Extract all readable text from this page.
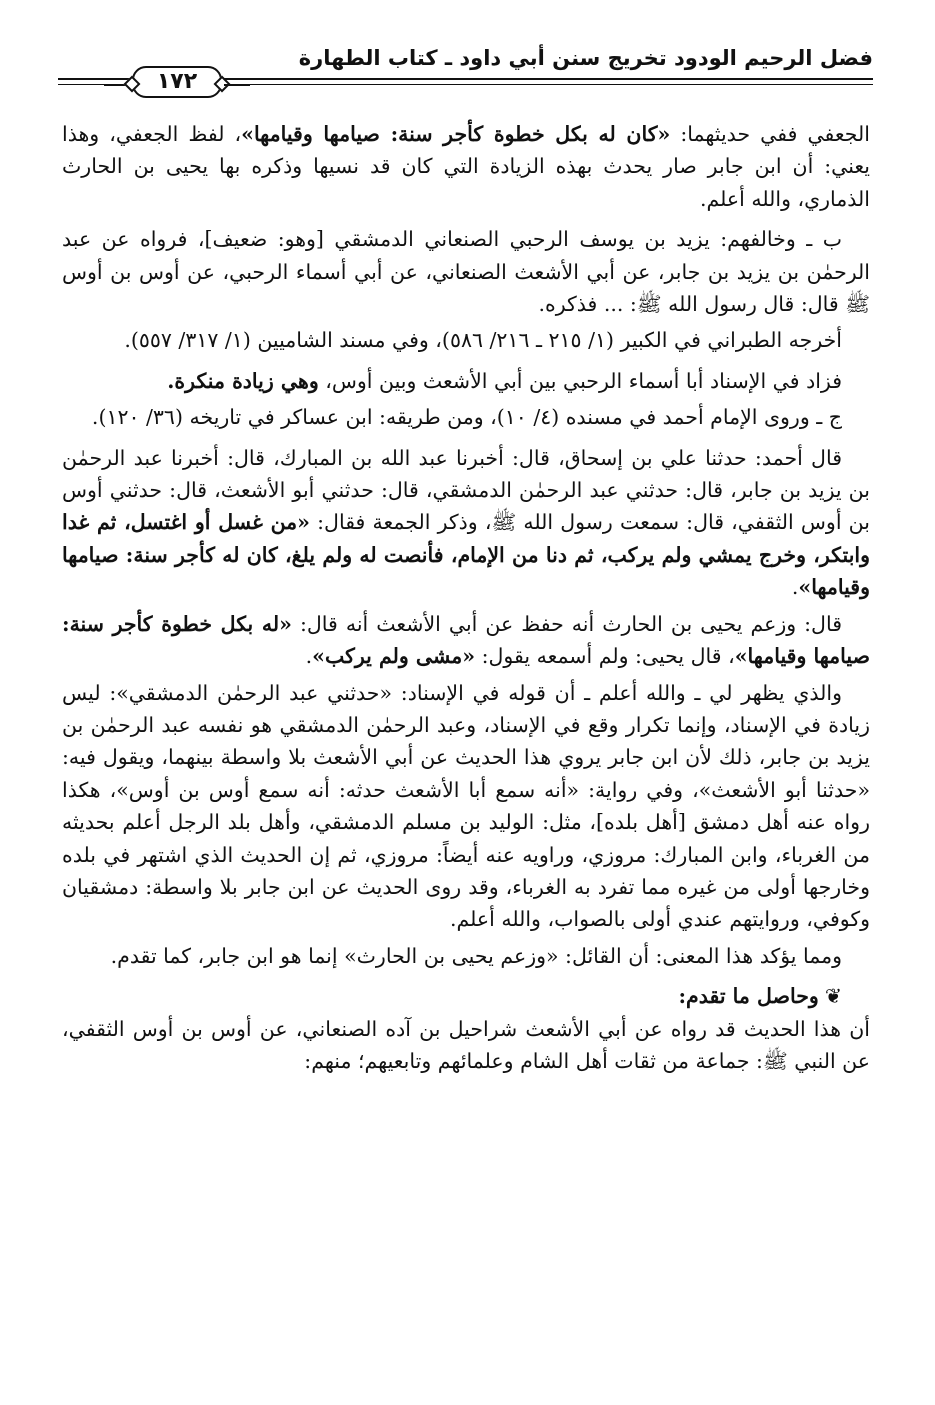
فضل الرحيم الودود تخريج سنن أبي داود ـ كتاب الطهارة
١٧٢

الجعفي ففي حديثهما: «كان له بكل خطوة كأجر سنة: صيامها وقيامها»، لفظ الجعفي، وهذا يعني: أن ابن جابر صار يحدث بهذه الزيادة التي كان قد نسيها وذكره بها يحيى بن الحارث الذماري، والله أعلم.

ب ـ وخالفهم: يزيد بن يوسف الرحبي الصنعاني الدمشقي [وهو: ضعيف]، فرواه عن عبد الرحمٰن بن يزيد بن جابر، عن أبي الأشعث الصنعاني، عن أبي أسماء الرحبي، عن أوس بن أوس ﷺ قال: قال رسول الله ﷺ: ... فذكره.

أخرجه الطبراني في الكبير (١/ ٢١٥ ـ ٢١٦/ ٥٨٦)، وفي مسند الشاميين (١/ ٣١٧/ ٥٥٧).

فزاد في الإسناد أبا أسماء الرحبي بين أبي الأشعث وبين أوس، وهي زيادة منكرة.

ج ـ وروى الإمام أحمد في مسنده (٤/ ١٠)، ومن طريقه: ابن عساكر في تاريخه (٣٦/ ١٢٠).

قال أحمد: حدثنا علي بن إسحاق، قال: أخبرنا عبد الله بن المبارك، قال: أخبرنا عبد الرحمٰن بن يزيد بن جابر، قال: حدثني عبد الرحمٰن الدمشقي، قال: حدثني أبو الأشعث، قال: حدثني أوس بن أوس الثقفي، قال: سمعت رسول الله ﷺ، وذكر الجمعة فقال: «من غسل أو اغتسل، ثم غدا وابتكر، وخرج يمشي ولم يركب، ثم دنا من الإمام، فأنصت له ولم يلغ، كان له كأجر سنة: صيامها وقيامها».

قال: وزعم يحيى بن الحارث أنه حفظ عن أبي الأشعث أنه قال: «له بكل خطوة كأجر سنة: صيامها وقيامها»، قال يحيى: ولم أسمعه يقول: «مشى ولم يركب».

والذي يظهر لي ـ والله أعلم ـ أن قوله في الإسناد: «حدثني عبد الرحمٰن الدمشقي»: ليس زيادة في الإسناد، وإنما تكرار وقع في الإسناد، وعبد الرحمٰن الدمشقي هو نفسه عبد الرحمٰن بن يزيد بن جابر، ذلك لأن ابن جابر يروي هذا الحديث عن أبي الأشعث بلا واسطة بينهما، ويقول فيه: «حدثنا أبو الأشعث»، وفي رواية: «أنه سمع أبا الأشعث حدثه: أنه سمع أوس بن أوس»، هكذا رواه عنه أهل دمشق [أهل بلده]، مثل: الوليد بن مسلم الدمشقي، وأهل بلد الرجل أعلم بحديثه من الغرباء، وابن المبارك: مروزي، وراويه عنه أيضاً: مروزي، ثم إن الحديث الذي اشتهر في بلده وخارجها أولى من غيره مما تفرد به الغرباء، وقد روى الحديث عن ابن جابر بلا واسطة: دمشقيان وكوفي، وروايتهم عندي أولى بالصواب، والله أعلم.

ومما يؤكد هذا المعنى: أن القائل: «وزعم يحيى بن الحارث» إنما هو ابن جابر، كما تقدم.

❦وحاصل ما تقدم:

أن هذا الحديث قد رواه عن أبي الأشعث شراحيل بن آده الصنعاني، عن أوس بن أوس الثقفي، عن النبي ﷺ: جماعة من ثقات أهل الشام وعلمائهم وتابعيهم؛ منهم:
